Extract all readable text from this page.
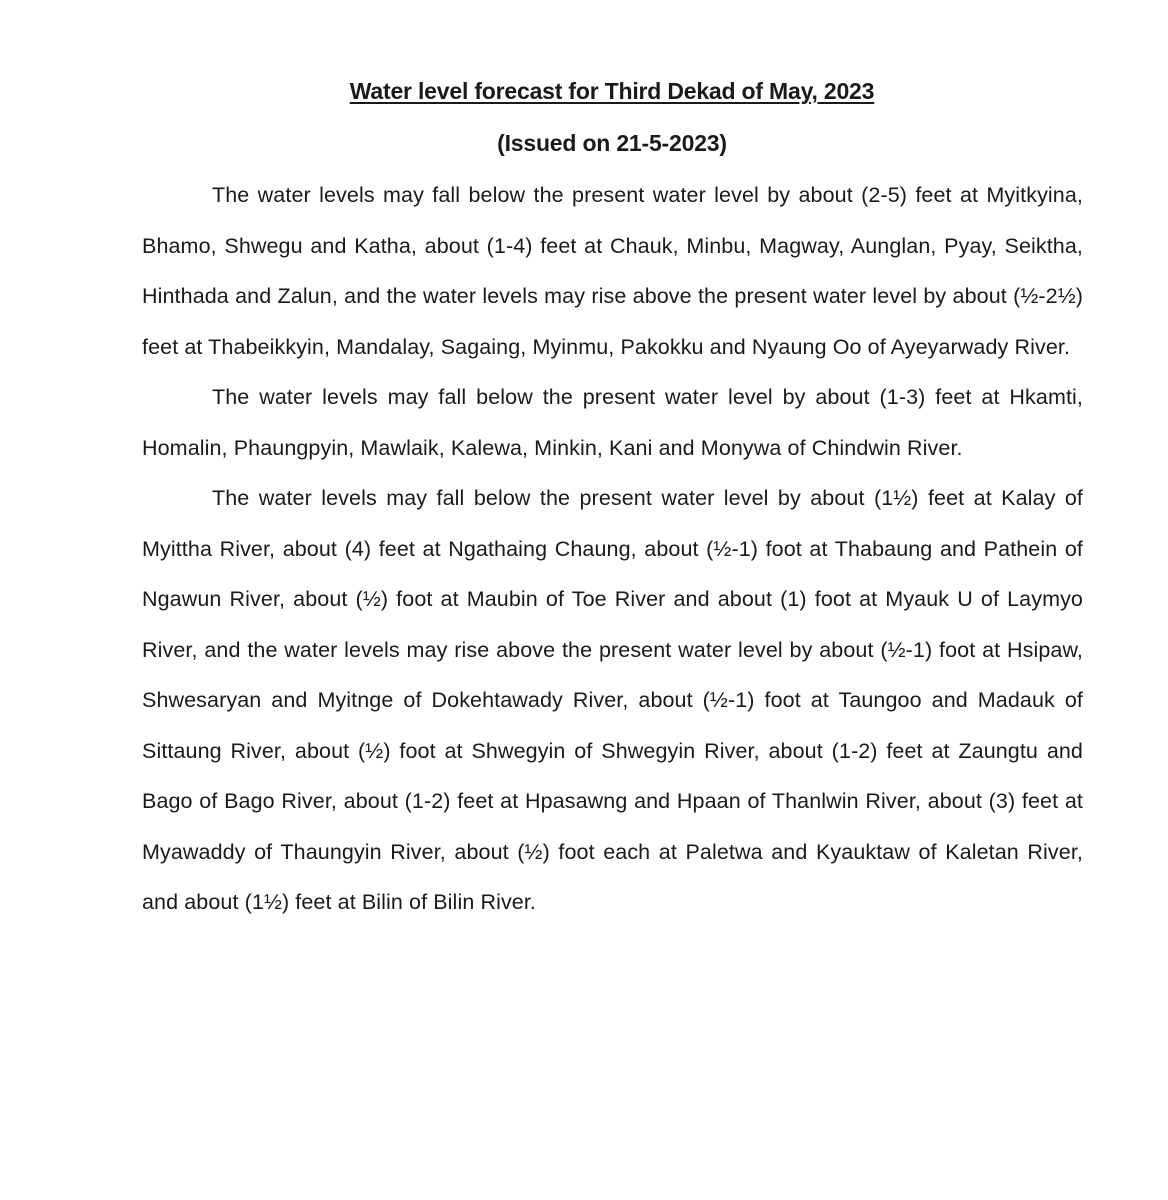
Water level forecast for Third Dekad of May, 2023
(Issued on 21-5-2023)

The water levels may fall below the present water level by about (2-5) feet at Myitkyina, Bhamo, Shwegu and Katha, about (1-4) feet at Chauk, Minbu, Magway, Aunglan, Pyay, Seiktha, Hinthada and Zalun, and the water levels may rise above the present water level by about (½-2½) feet at Thabeikkyin, Mandalay, Sagaing, Myinmu, Pakokku and Nyaung Oo of Ayeyarwady River.

The water levels may fall below the present water level by about (1-3) feet at Hkamti, Homalin, Phaungpyin, Mawlaik, Kalewa, Minkin, Kani and Monywa of Chindwin River.

The water levels may fall below the present water level by about (1½) feet at Kalay of Myittha River, about (4) feet at Ngathaing Chaung, about (½-1) foot at Thabaung and Pathein of Ngawun River, about (½) foot at Maubin of Toe River and about (1) foot at Myauk U of Laymyo River, and the water levels may rise above the present water level by about (½-1) foot at Hsipaw, Shwesaryan and Myitnge of Dokehtawady River, about (½-1) foot at Taungoo and Madauk of Sittaung River, about (½) foot at Shwegyin of Shwegyin River, about (1-2) feet at Zaungtu and Bago of Bago River, about (1-2) feet at Hpasawng and Hpaan of Thanlwin River, about (3) feet at Myawaddy of Thaungyin River, about (½) foot each at Paletwa and Kyauktaw of Kaletan River, and about (1½) feet at Bilin of Bilin River.
